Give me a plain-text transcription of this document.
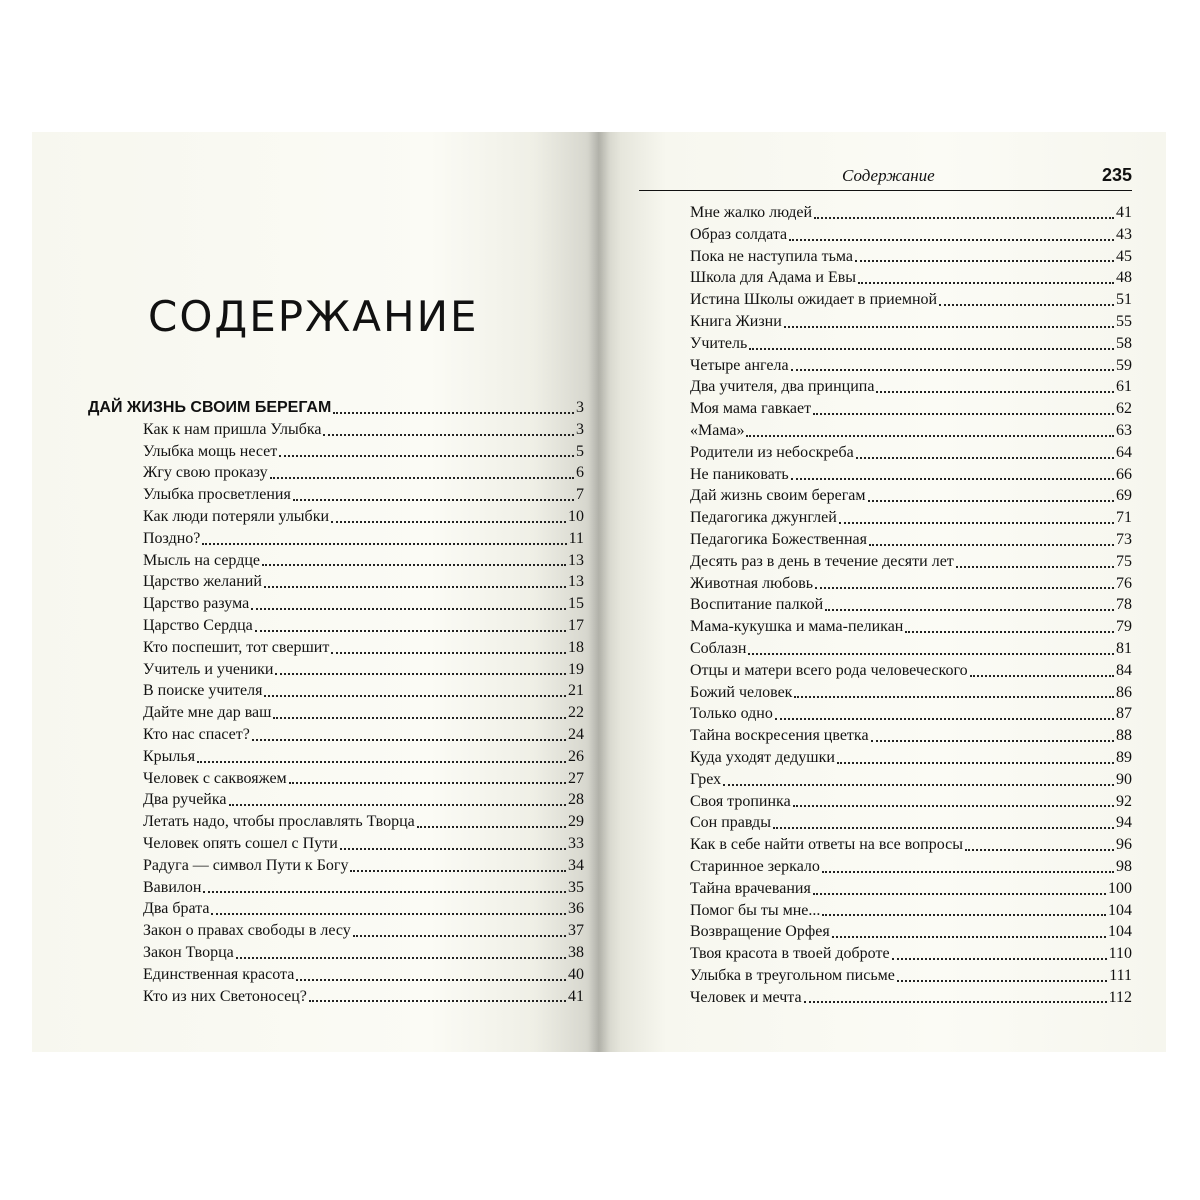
СОДЕРЖАНИЕ
ДАЙ ЖИЗНЬ СВОИМ БЕРЕГАМ	3
Как к нам пришла Улыбка	3
Улыбка мощь несет	5
Жгу свою проказу	6
Улыбка просветления	7
Как люди потеряли улыбки	10
Поздно?	11
Мысль на сердце	13
Царство желаний	13
Царство разума	15
Царство Сердца	17
Кто поспешит, тот свершит	18
Учитель и ученики	19
В поиске учителя	21
Дайте мне дар ваш	22
Кто нас спасет?	24
Крылья	26
Человек с саквояжем	27
Два ручейка	28
Летать надо, чтобы прославлять Творца	29
Человек опять сошел с Пути	33
Радуга — символ Пути к Богу	34
Вавилон	35
Два брата	36
Закон о правах свободы в лесу	37
Закон Творца	38
Единственная красота	40
Кто из них Светоносец?	41
Содержание	235
Мне жалко людей	41
Образ солдата	43
Пока не наступила тьма	45
Школа для Адама и Евы	48
Истина Школы ожидает в приемной	51
Книга Жизни	55
Учитель	58
Четыре ангела	59
Два учителя, два принципа	61
Моя мама гавкает	62
«Мама»	63
Родители из небоскреба	64
Не паниковать	66
Дай жизнь своим берегам	69
Педагогика джунглей	71
Педагогика Божественная	73
Десять раз в день в течение десяти лет	75
Животная любовь	76
Воспитание палкой	78
Мама-кукушка и мама-пеликан	79
Соблазн	81
Отцы и матери всего рода человеческого	84
Божий человек	86
Только одно	87
Тайна воскресения цветка	88
Куда уходят дедушки	89
Грех	90
Своя тропинка	92
Сон правды	94
Как в себе найти ответы на все вопросы	96
Старинное зеркало	98
Тайна врачевания	100
Помог бы ты мне...	104
Возвращение Орфея	104
Твоя красота в твоей доброте	110
Улыбка в треугольном письме	111
Человек и мечта	112
